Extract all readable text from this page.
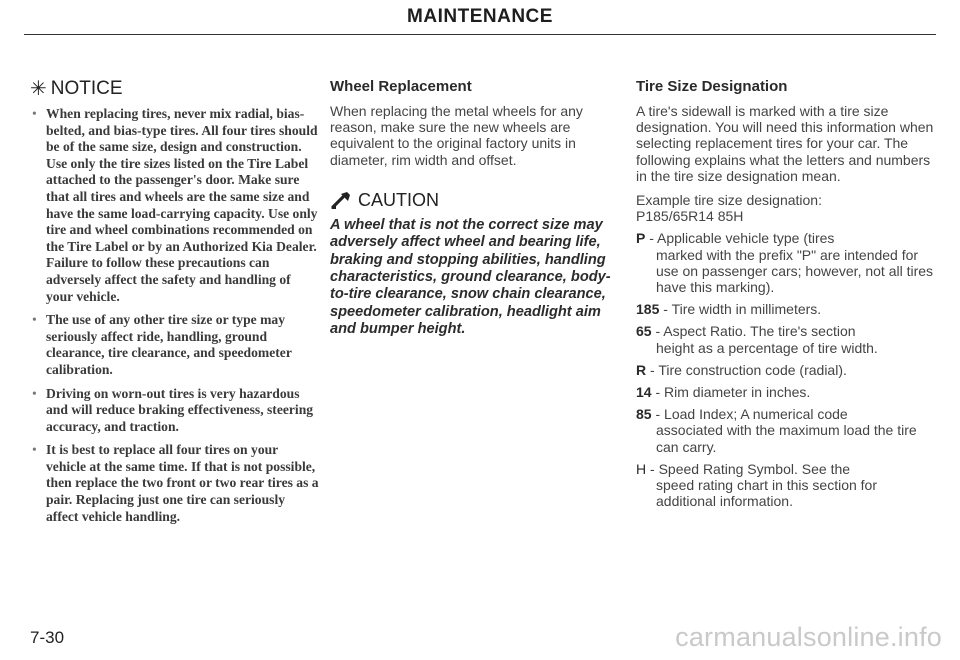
MAINTENANCE
✳ NOTICE
• When replacing tires, never mix radial, bias-belted, and bias-type tires. All four tires should be of the same size, design and construction. Use only the tire sizes listed on the Tire Label attached to the passenger's door. Make sure that all tires and wheels are the same size and have the same load-carrying capacity. Use only tire and wheel combinations recommended on the Tire Label or by an Authorized Kia Dealer. Failure to follow these precautions can adversely affect the safety and handling of your vehicle.
• The use of any other tire size or type may seriously affect ride, handling, ground clearance, tire clearance, and speedometer calibration.
• Driving on worn-out tires is very hazardous and will reduce braking effectiveness, steering accuracy, and traction.
• It is best to replace all four tires on your vehicle at the same time. If that is not possible, then replace the two front or two rear tires as a pair. Replacing just one tire can seriously affect vehicle handling.
Wheel Replacement

When replacing the metal wheels for any reason, make sure the new wheels are equivalent to the original factory units in diameter, rim width and offset.

CAUTION
A wheel that is not the correct size may adversely affect wheel and bearing life, braking and stopping abilities, handling characteristics, ground clearance, body-to-tire clearance, snow chain clearance, speedometer calibration, headlight aim and bumper height.
Tire Size Designation

A tire's sidewall is marked with a tire size designation. You will need this information when selecting replacement tires for your car. The following explains what the letters and numbers in the tire size designation mean.

Example tire size designation:
P185/65R14 85H

P - Applicable vehicle type (tires
marked with the prefix "P" are intended for use on passenger cars; however, not all tires have this marking).
185 - Tire width in millimeters.
65 - Aspect Ratio. The tire's section
height as a percentage of tire width.
R - Tire construction code (radial).
14 - Rim diameter in inches.
85 - Load Index; A numerical code
associated with the maximum load the tire can carry.
H - Speed Rating Symbol. See the
speed rating chart in this section for additional information.
7-30	carmanualsonline.info
